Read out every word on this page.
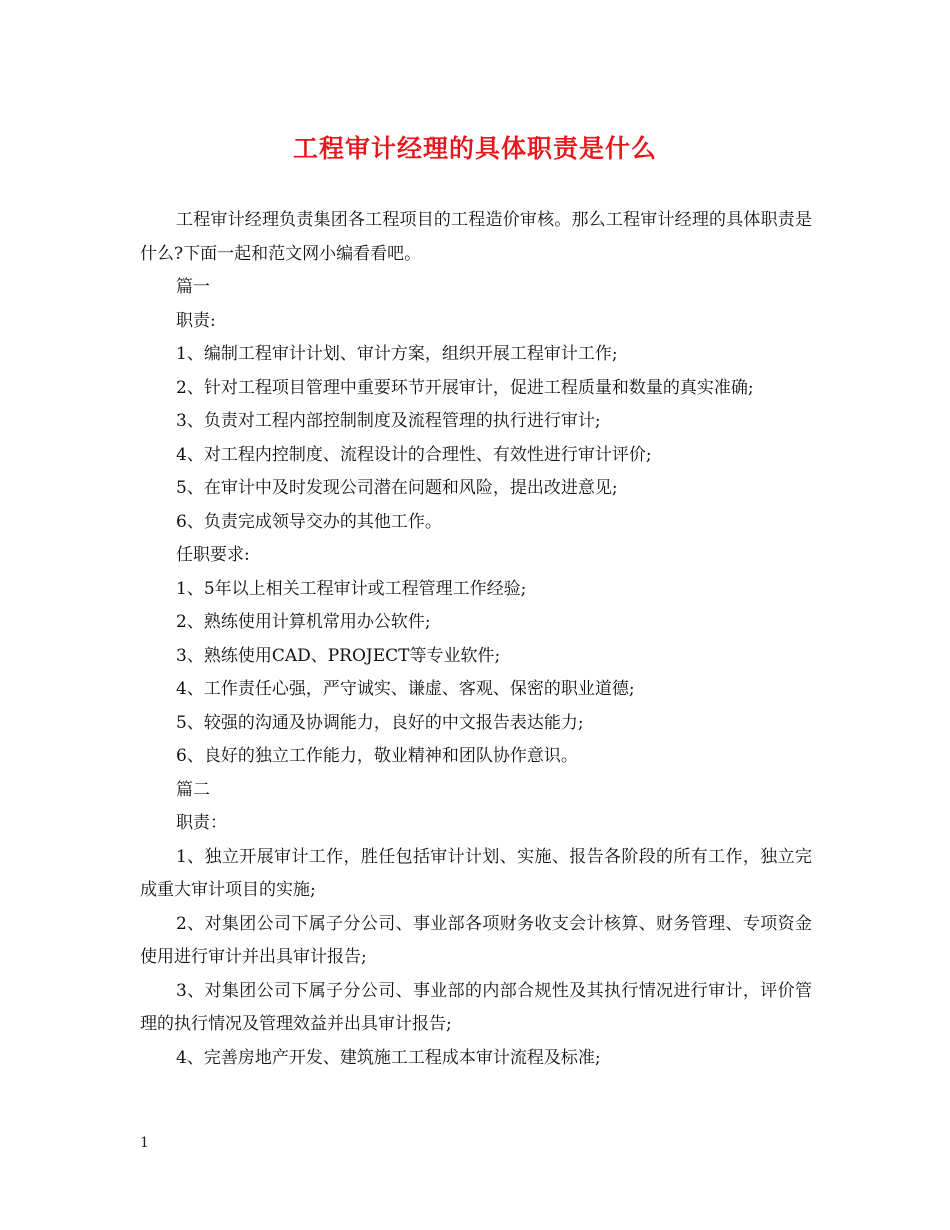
工程审计经理的具体职责是什么

工程审计经理负责集团各工程项目的工程造价审核。那么工程审计经理的具体职责是什么?下面一起和范文网小编看看吧。

篇一

职责:

1、编制工程审计计划、审计方案，组织开展工程审计工作;

2、针对工程项目管理中重要环节开展审计，促进工程质量和数量的真实准确;

3、负责对工程内部控制制度及流程管理的执行进行审计;

4、对工程内控制度、流程设计的合理性、有效性进行审计评价;

5、在审计中及时发现公司潜在问题和风险，提出改进意见;

6、负责完成领导交办的其他工作。

任职要求:

1、5年以上相关工程审计或工程管理工作经验;

2、熟练使用计算机常用办公软件;

3、熟练使用CAD、PROJECT等专业软件;

4、工作责任心强，严守诚实、谦虚、客观、保密的职业道德;

5、较强的沟通及协调能力，良好的中文报告表达能力;

6、良好的独立工作能力，敬业精神和团队协作意识。

篇二

职责：

1、独立开展审计工作，胜任包括审计计划、实施、报告各阶段的所有工作，独立完成重大审计项目的实施;

2、对集团公司下属子分公司、事业部各项财务收支会计核算、财务管理、专项资金使用进行审计并出具审计报告;

3、对集团公司下属子分公司、事业部的内部合规性及其执行情况进行审计，评价管理的执行情况及管理效益并出具审计报告;

4、完善房地产开发、建筑施工工程成本审计流程及标准;

1
